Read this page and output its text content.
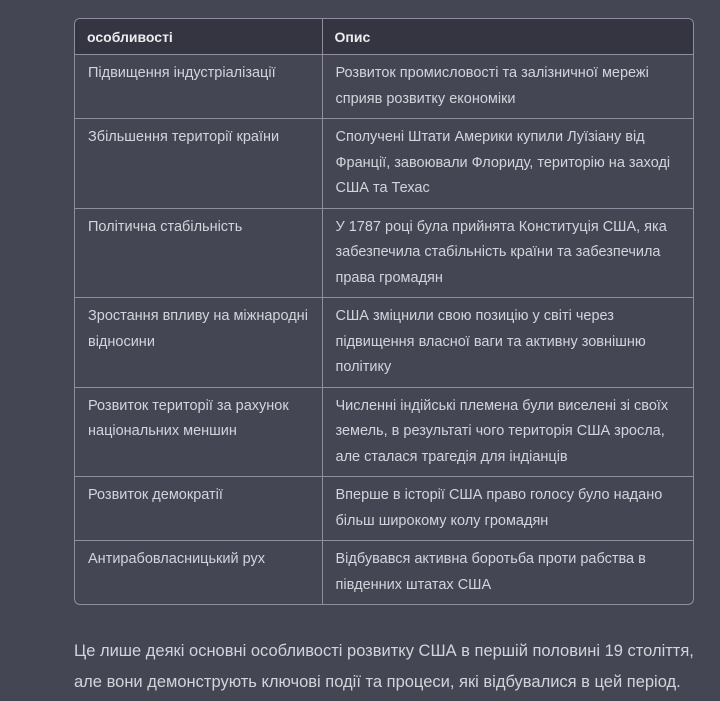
особливості	Опис
Підвищення індустріалізації	Розвиток промисловості та залізничної мережі сприяв розвитку економіки
Збільшення території країни	Сполучені Штати Америки купили Луїзіану від Франції, завоювали Флориду, територію на заході США та Техас
Політична стабільність	У 1787 році була прийнята Конституція США, яка забезпечила стабільність країни та забезпечила права громадян
Зростання впливу на міжнародні відносини	США зміцнили свою позицію у світі через підвищення власної ваги та активну зовнішню політику
Розвиток території за рахунок національних меншин	Численні індійські племена були виселені зі своїх земель, в результаті чого територія США зросла, але сталася трагедія для індіанців
Розвиток демократії	Вперше в історії США право голосу було надано більш широкому колу громадян
Антирабовласницький рух	Відбувався активна боротьба проти рабства в південних штатах США

Це лише деякі основні особливості розвитку США в першій половині 19 століття, але вони демонструють ключові події та процеси, які відбувалися в цей період.
